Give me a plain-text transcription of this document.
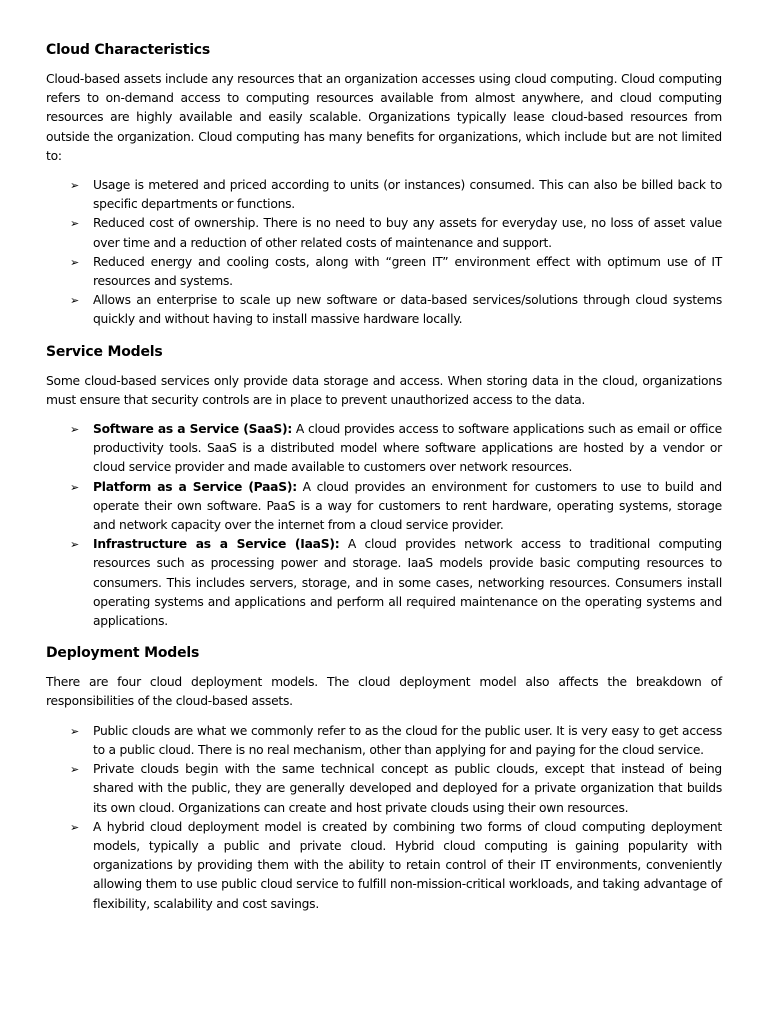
Cloud Characteristics

Cloud-based assets include any resources that an organization accesses using cloud computing. Cloud computing refers to on-demand access to computing resources available from almost anywhere, and cloud computing resources are highly available and easily scalable. Organizations typically lease cloud-based resources from outside the organization. Cloud computing has many benefits for organizations, which include but are not limited to:

➢ Usage is metered and priced according to units (or instances) consumed. This can also be billed back to specific departments or functions.
➢ Reduced cost of ownership. There is no need to buy any assets for everyday use, no loss of asset value over time and a reduction of other related costs of maintenance and support.
➢ Reduced energy and cooling costs, along with “green IT” environment effect with optimum use of IT resources and systems.
➢ Allows an enterprise to scale up new software or data-based services/solutions through cloud systems quickly and without having to install massive hardware locally.
Service Models

Some cloud-based services only provide data storage and access. When storing data in the cloud, organizations must ensure that security controls are in place to prevent unauthorized access to the data.

➢ Software as a Service (SaaS): A cloud provides access to software applications such as email or office productivity tools. SaaS is a distributed model where software applications are hosted by a vendor or cloud service provider and made available to customers over network resources.
➢ Platform as a Service (PaaS): A cloud provides an environment for customers to use to build and operate their own software. PaaS is a way for customers to rent hardware, operating systems, storage and network capacity over the internet from a cloud service provider.
➢ Infrastructure as a Service (IaaS): A cloud provides network access to traditional computing resources such as processing power and storage. IaaS models provide basic computing resources to consumers. This includes servers, storage, and in some cases, networking resources. Consumers install operating systems and applications and perform all required maintenance on the operating systems and applications.
Deployment Models

There are four cloud deployment models. The cloud deployment model also affects the breakdown of responsibilities of the cloud-based assets.

➢ Public clouds are what we commonly refer to as the cloud for the public user. It is very easy to get access to a public cloud. There is no real mechanism, other than applying for and paying for the cloud service.
➢ Private clouds begin with the same technical concept as public clouds, except that instead of being shared with the public, they are generally developed and deployed for a private organization that builds its own cloud. Organizations can create and host private clouds using their own resources.
➢ A hybrid cloud deployment model is created by combining two forms of cloud computing deployment models, typically a public and private cloud. Hybrid cloud computing is gaining popularity with organizations by providing them with the ability to retain control of their IT environments, conveniently allowing them to use public cloud service to fulfill non-mission-critical workloads, and taking advantage of flexibility, scalability and cost savings.
